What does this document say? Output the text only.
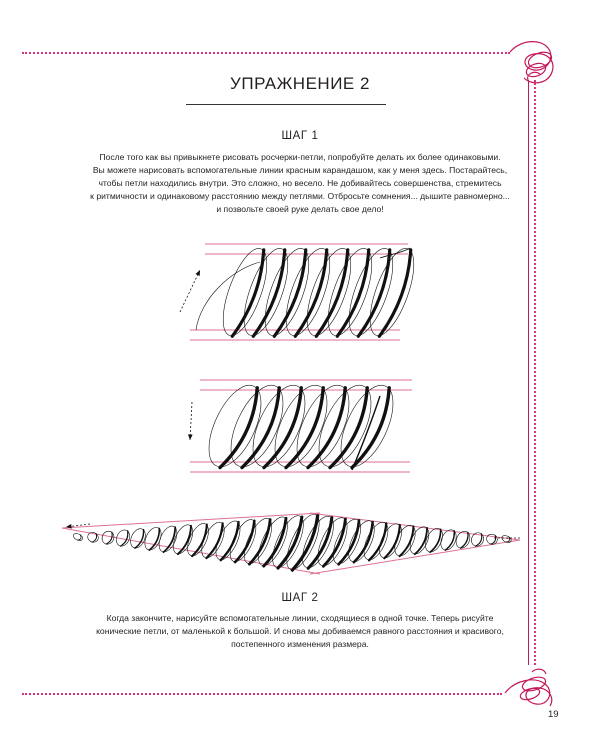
УПРАЖНЕНИЕ 2
ШАГ 1
После того как вы привыкнете рисовать росчерки-петли, попробуйте делать их более одинаковыми.
Вы можете нарисовать вспомогательные линии красным карандашом, как у меня здесь. Постарайтесь,
чтобы петли находились внутри. Это сложно, но весело. Не добивайтесь совершенства, стремитесь
к ритмичности и одинаковому расстоянию между петлями. Отбросьте сомнения... дышите равномерно...
и позвольте своей руке делать свое дело!
ШАГ 2
Когда закончите, нарисуйте вспомогательные линии, сходящиеся в одной точке. Теперь рисуйте
конические петли, от маленькой к большой. И снова мы добиваемся равного расстояния и красивого,
постепенного изменения размера.
19
